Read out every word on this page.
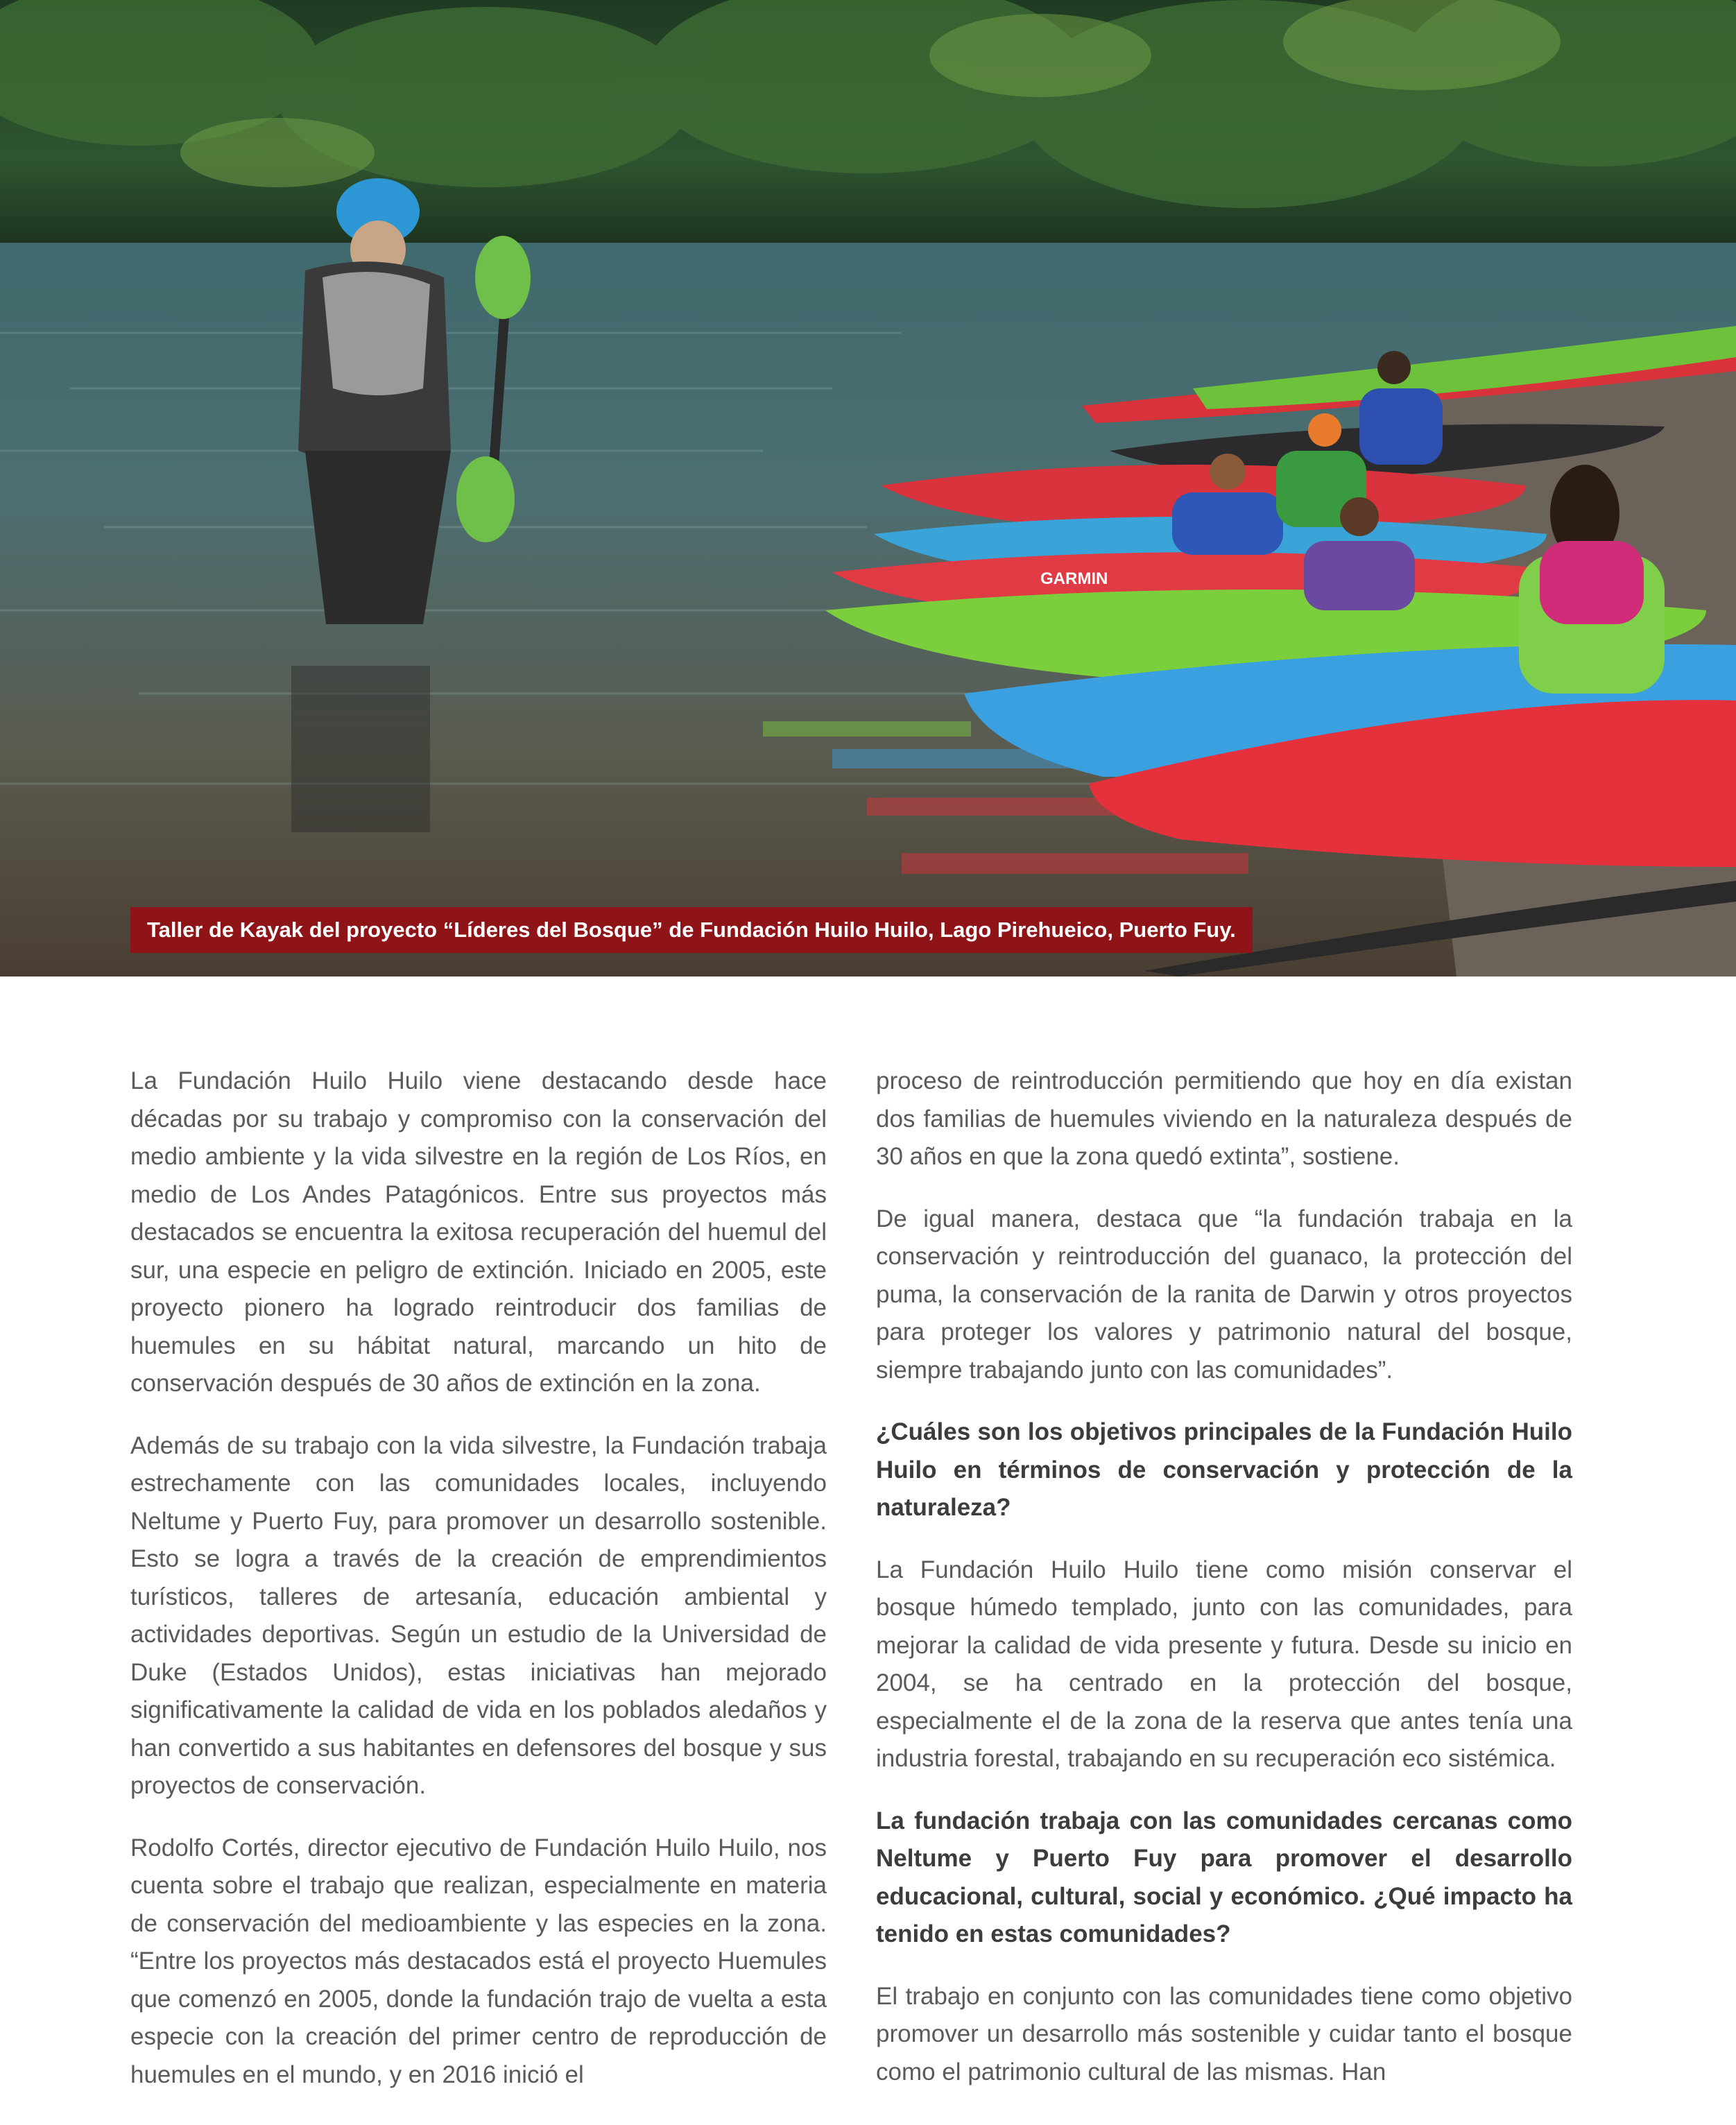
GARMIN
Taller de Kayak del proyecto “Líderes del Bosque” de Fundación Huilo Huilo, Lago Pirehueico, Puerto Fuy.

La Fundación Huilo Huilo viene destacando desde hace décadas por su trabajo y compromiso con la conservación del medio ambiente y la vida silvestre en la región de Los Ríos, en medio de Los Andes Patagónicos. Entre sus proyectos más destacados se encuentra la exitosa recuperación del huemul del sur, una especie en peligro de extinción. Iniciado en 2005, este proyecto pionero ha logrado reintroducir dos familias de huemules en su hábitat natural, marcando un hito de conservación después de 30 años de extinción en la zona.

Además de su trabajo con la vida silvestre, la Fundación trabaja estrechamente con las comunidades locales, incluyendo Neltume y Puerto Fuy, para promover un desarrollo sostenible. Esto se logra a través de la creación de emprendimientos turísticos, talleres de artesanía, educación ambiental y actividades deportivas. Según un estudio de la Universidad de Duke (Estados Unidos), estas iniciativas han mejorado significativamente la calidad de vida en los poblados aledaños y han convertido a sus habitantes en defensores del bosque y sus proyectos de conservación.

Rodolfo Cortés, director ejecutivo de Fundación Huilo Huilo, nos cuenta sobre el trabajo que realizan, especialmente en materia de conservación del medioambiente y las especies en la zona. “Entre los proyectos más destacados está el proyecto Huemules que comenzó en 2005, donde la fundación trajo de vuelta a esta especie con la creación del primer centro de reproducción de huemules en el mundo, y en 2016 inició el

proceso de reintroducción permitiendo que hoy en día existan dos familias de huemules viviendo en la naturaleza después de 30 años en que la zona quedó extinta”, sostiene.

De igual manera, destaca que “la fundación trabaja en la conservación y reintroducción del guanaco, la protección del puma, la conservación de la ranita de Darwin y otros proyectos para proteger los valores y patrimonio natural del bosque, siempre trabajando junto con las comunidades”.

¿Cuáles son los objetivos principales de la Fundación Huilo Huilo en términos de conservación y protección de la naturaleza?

La Fundación Huilo Huilo tiene como misión conservar el bosque húmedo templado, junto con las comunidades, para mejorar la calidad de vida presente y futura. Desde su inicio en 2004, se ha centrado en la protección del bosque, especialmente el de la zona de la reserva que antes tenía una industria forestal, trabajando en su recuperación eco sistémica.

La fundación trabaja con las comunidades cercanas como Neltume y Puerto Fuy para promover el desarrollo educacional, cultural, social y económico. ¿Qué impacto ha tenido en estas comunidades?

El trabajo en conjunto con las comunidades tiene como objetivo promover un desarrollo más sostenible y cuidar tanto el bosque como el patrimonio cultural de las mismas. Han
